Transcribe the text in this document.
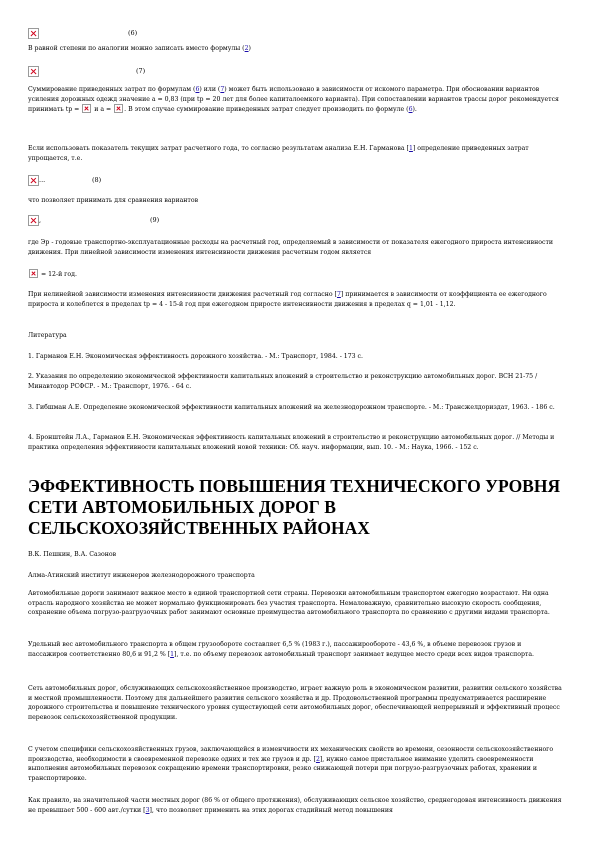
(6)

В равной степени по аналогии можно записать вместо формулы (2)

(7)

Суммирование приведенных затрат по формулам (6) или (7) может быть использовано в зависимости от искомого параметра. При обосновании вариантов усиления дорожных одежд значение a = 0,83 (при tp = 20 лет для более капиталоемкого варианта). При сопоставлении вариантов трассы дорог рекомендуется принимать tp = и a = . В этом случае суммирование приведенных затрат следует производить по формуле (6).

Если использовать показатель текущих затрат расчетного года, то согласно результатам анализа Е.Н. Гарманова [1] определение приведенных затрат упрощается, т.е.

...	(8)

что позволяет принимать для сравнения вариантов

,	(9)

где Эр - годовые транспортно-эксплуатационные расходы на расчетный год, определяемый в зависимости от показателя ежегодного прироста интенсивности движения. При линейной зависимости изменения интенсивности движения расчетным годом является

= 12-й год.

При нелинейной зависимости изменения интенсивности движения расчетный год согласно [7] принимается в зависимости от коэффициента ее ежегодного прироста и колеблется в пределах tp = 4 - 15-й год при ежегодном приросте интенсивности движения в пределах q = 1,01 - 1,12.

Литература

1. Гарманов Е.Н. Экономическая эффективность дорожного хозяйства. - М.: Транспорт, 1984. - 173 с.

2. Указания по определению экономической эффективности капитальных вложений в строительство и реконструкцию автомобильных дорог. ВСН 21-75 / Минавтодор РСФСР. - М.: Транспорт, 1976. - 64 с.

3. Гибшман А.Е. Определение экономической эффективности капитальных вложений на железнодорожном транспорте. - М.: Трансжелдориздат, 1963. - 186 с.

4. Бронштейн Л.А., Гарманов Е.Н. Экономическая эффективность капитальных вложений в строительство и реконструкцию автомобильных дорог. // Методы и практика определения эффективности капитальных вложений новой техники: Сб. науч. информации, вып. 10. - М.: Наука, 1966. - 152 с.

ЭФФЕКТИВНОСТЬ ПОВЫШЕНИЯ ТЕХНИЧЕСКОГО УРОВНЯ СЕТИ АВТОМОБИЛЬНЫХ ДОРОГ В СЕЛЬСКОХОЗЯЙСТВЕННЫХ РАЙОНАХ

В.К. Пешкин, В.А. Сазонов

Алма-Атинский институт инженеров железнодорожного транспорта

Автомобильные дороги занимают важное место в единой транспортной сети страны. Перевозки автомобильным транспортом ежегодно возрастают. Ни одна отрасль народного хозяйства не может нормально функционировать без участия транспорта. Немаловажную, сравнительно высокую скорость сообщения, сохранение объема погрузо-разгрузочных работ занимают основные преимущества автомобильного транспорта по сравнению с другими видами транспорта.

Удельный вес автомобильного транспорта в общем грузообороте составляет 6,5 % (1983 г.), пассажирообороте - 43,6 %, в объеме перевозок грузов и пассажиров соответственно 80,6 и 91,2 % [1], т.е. по объему перевозок автомобильный транспорт занимает ведущее место среди всех видов транспорта.

Сеть автомобильных дорог, обслуживающих сельскохозяйственное производство, играет важную роль в экономическом развитии, развитии сельского хозяйства и местной промышленности. Поэтому для дальнейшего развития сельского хозяйства и др. Продовольственной программы предусматривается расширение дорожного строительства и повышение технического уровня существующей сети автомобильных дорог, обеспечивающей непрерывный и эффективный процесс перевозок сельскохозяйственной продукции.

С учетом специфики сельскохозяйственных грузов, заключающейся в изменчивости их механических свойств во времени, сезонности сельскохозяйственного производства, необходимости в своевременной перевозке одних и тех же грузов и др. [2], нужно самое пристальное внимание уделить своевременности выполнения автомобильных перевозок сокращению времени транспортировки, резко снижающей потери при погрузо-разгрузочных работах, хранении и транспортировке.

Как правило, на значительной части местных дорог (86 % от общего протяжения), обслуживающих сельское хозяйство, среднегодовая интенсивность движения не превышает 500 - 600 авт./сутки [3], что позволяет применить на этих дорогах стадийный метод повышения
